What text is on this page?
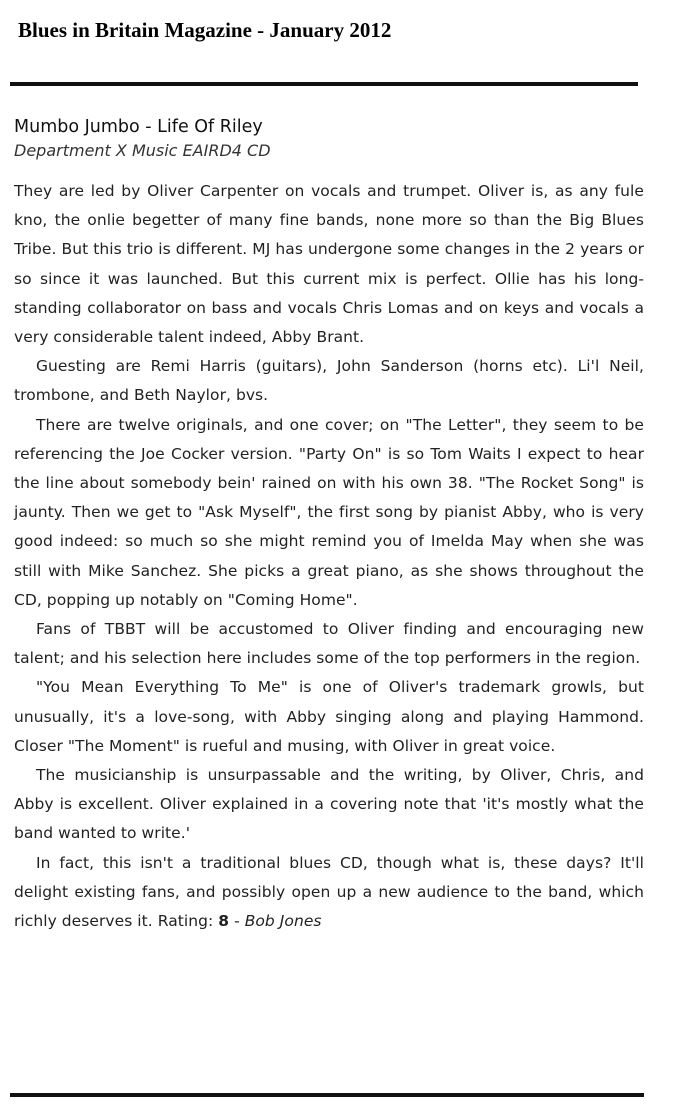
Blues in Britain Magazine - January 2012
Mumbo Jumbo - Life Of Riley

Department X Music EAIRD4 CD

They are led by Oliver Carpenter on vocals and trumpet. Oliver is, as any fule kno, the onlie begetter of many fine bands, none more so than the Big Blues Tribe. But this trio is different. MJ has undergone some changes in the 2 years or so since it was launched. But this current mix is perfect. Ollie has his long-standing collaborator on bass and vocals Chris Lomas and on keys and vocals a very considerable talent indeed, Abby Brant.

Guesting are Remi Harris (guitars), John Sanderson (horns etc). Li'l Neil, trombone, and Beth Naylor, bvs.

There are twelve originals, and one cover; on "The Letter", they seem to be referencing the Joe Cocker version. "Party On" is so Tom Waits I expect to hear the line about somebody bein' rained on with his own 38. "The Rocket Song" is jaunty. Then we get to "Ask Myself", the first song by pianist Abby, who is very good indeed: so much so she might remind you of Imelda May when she was still with Mike Sanchez. She picks a great piano, as she shows throughout the CD, popping up notably on "Coming Home".

Fans of TBBT will be accustomed to Oliver finding and encouraging new talent; and his selection here includes some of the top performers in the region.

"You Mean Everything To Me" is one of Oliver's trademark growls, but unusually, it's a love-song, with Abby singing along and playing Hammond. Closer "The Moment" is rueful and musing, with Oliver in great voice.

The musicianship is unsurpassable and the writing, by Oliver, Chris, and Abby is excellent. Oliver explained in a covering note that 'it's mostly what the band wanted to write.'

In fact, this isn't a traditional blues CD, though what is, these days? It'll delight existing fans, and possibly open up a new audience to the band, which richly deserves it. Rating: 8 - Bob Jones
